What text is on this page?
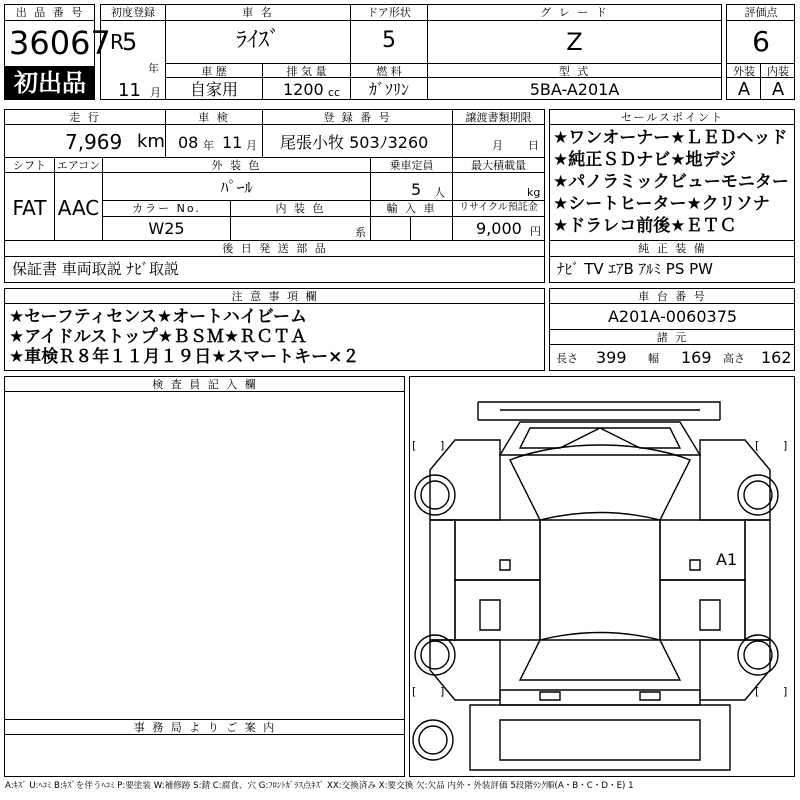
出 品 番 号
36067
初出品
初度登録
R
5
年
11 月
車 名
ﾗｲｽﾞ
ドア形状
5
グ レ ー ド
Z
車 歴
自家用
排 気 量
1200 cc
燃 料
ｶﾞｿﾘﾝ
型 式
5BA-A201A
評価点
6
外装	内装
A	A
走 行
7,969 km
車 検
08 年 11 月
登 録 番 号
尾張小牧 503ﾉ3260
譲渡書類期限
月 日
シフト
FAT
エアコン
AAC
外 装 色
ﾊﾟｰﾙ
乗車定員
5 人
最大積載量
kg
カラー No.
W25
内 装 色
系
輸 入 車	リサイクル預託金
9,000 円
後 日 発 送 部 品
保証書 車両取説 ﾅﾋﾞ取説
セールスポイント
★ワンオーナー★ＬＥＤヘッド
★純正ＳＤナビ★地デジ
★パノラミックビューモニター
★シートヒーター★クリソナ
★ドラレコ前後★ＥＴＣ
純 正 装 備
ﾅﾋﾞ TV ｴｱB ｱﾙﾐ PS PW
注 意 事 項 欄
★セーフティセンス★オートハイビーム
★アイドルストップ★ＢＳＭ★ＲＣＴＡ
★車検Ｒ８年１１月１９日★スマートキー×２
車 台 番 号
A201A-0060375
諸 元
長さ 399 幅 169 高さ 162
検 査 員 記 入 欄
事 務 局 よ り ご 案 内
A1
[ ]	[ ]
[ ]	[ ]
A:ｷｽﾞ U:ﾍｺﾐ B:ｷｽﾞを伴うﾍｺﾐ P:要塗装 W:補修跡 S:錆 C:腐食、穴 G:ﾌﾛﾝﾄｶﾞﾗｽ点ｷｽﾞ XX:交換済み X:要交換 欠:欠品 内外・外装評価 5段階ﾗﾝｸ順(A・B・C・D・E) 1
